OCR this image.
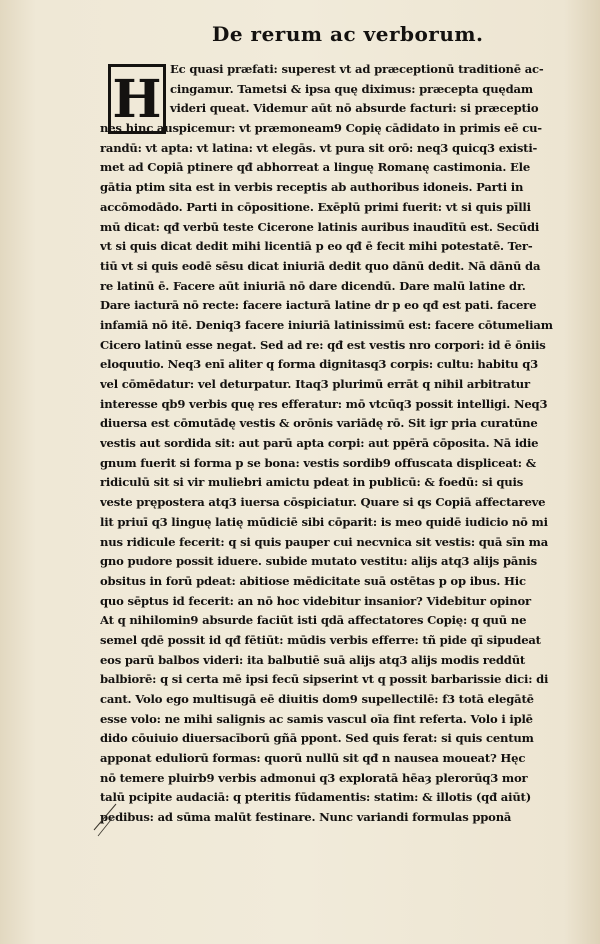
De rerum ac verborum.
H Ec quasi præfati: superest vt ad præceptionū traditionē ac-
cingamur. Tametsi & ipsa quę diximus: præcepta quędam
videri queat. Videmur aūt nō absurde facturi: si præceptio
nes hinc auspicemur: vt præmoneam9 Copię cādidato in primis eē cu-
randū: vt apta: vt latina: vt elegās. vt pura sit orō: neq3 quicq3 existi-
met ad Copiā ptinere qđ abhorreat a linguę Romanę castimonia. Ele
gātia ptim sita est in verbis receptis ab authoribus idoneis. Parti in
accōmodādo. Parti in cōpositione. Exēplū primi fuerit: vt si quis pīlli
mū dicat: qđ verbū teste Cicerone latinis auribus inaudītū est. Secūdi
vt si quis dicat dedit mihi licentiā p eo qđ ē fecit mihi potestatē. Ter-
tiū vt si quis eodē sēsu dicat iniuriā dedit quo dānū dedit. Nā dānū da
re latinū ē. Facere aūt iniuriā nō dare dicendū. Dare malū latine dr.
Dare iacturā nō recte: facere iacturā latine dr p eo qđ est pati. facere
infamiā nō itē. Deniq3 facere iniuriā latinissimū est: facere cōtumeliam
Cicero latinū esse negat. Sed ad re: qđ est vestis nro corpori: id ē ōniis
eloquutio. Neq3 enī aliter q forma dignitasq3 corpis: cultu: habitu q3
vel cōmēdatur: vel deturpatur. Itaq3 plurimū errāt q nihil arbitratur
interesse qb9 verbis quę res efferatur: mō vtcūq3 possit intelligi. Neq3
diuersa est cōmutādę vestis & orōnis variādę rō. Sit igr pria curatūne
vestis aut sordida sit: aut parū apta corpi: aut ppērā cōposita. Nā idie
gnum fuerit si forma p se bona: vestis sordib9 offuscata displiceat: &
ridiculū sit si vir muliebri amictu pdeat in publicū: & foedū: si quis
veste prępostera atq3 iuersa cōspiciatur. Quare si qs Copiā affectareve
lit priuī q3 linguę latię mūdiciē sibi cōparit: is meo quidē iudicio nō mi
nus ridicule fecerit: q si quis pauper cui necvnica sit vestis: quā sīn ma
gno pudore possit iduere. subide mutato vestitu: alijs atq3 alijs pānis
obsitus in forū pdeat: abitiose mēdicitate suā ostētas p op ibus. Hic
quo sēptus id fecerit: an nō hoc videbitur insanior? Videbitur opinor
At q nihilomin9 absurde faciūt isti qdā affectatores Copię: q quū ne
semel qdē possit id qđ fētiūt: mūdis verbis efferre: tñ pide qī sipudeat
eos parū balbos videri: ita balbutiē suā alijs atq3 alijs modis reddūt
balbiorē: q si certa mē ipsi fecū sipserint vt q possit barbarissie dici: di
cant. Volo ego multisugā eē diuitis dom9 supellectilē: f3 totā elegātē
esse volo: ne mihi salignis ac samis vascul oīa fint referta. Volo i iplē
dido cōuiuio diuersacīborū gñā ppont. Sed quis ferat: si quis centum
apponat eduliorū formas: quorū nullū sit qđ n nausea moueat? Hęc
nō temere pluirb9 verbis admonui q3 exploratā hēaȝ plerorūq3 mor
talū pcipite audaciā: q pteritis fūdamentis: statim: & illotis (qđ aiūt)
pedibus: ad sūma malūt festinare. Nunc variandi formulas pponā
